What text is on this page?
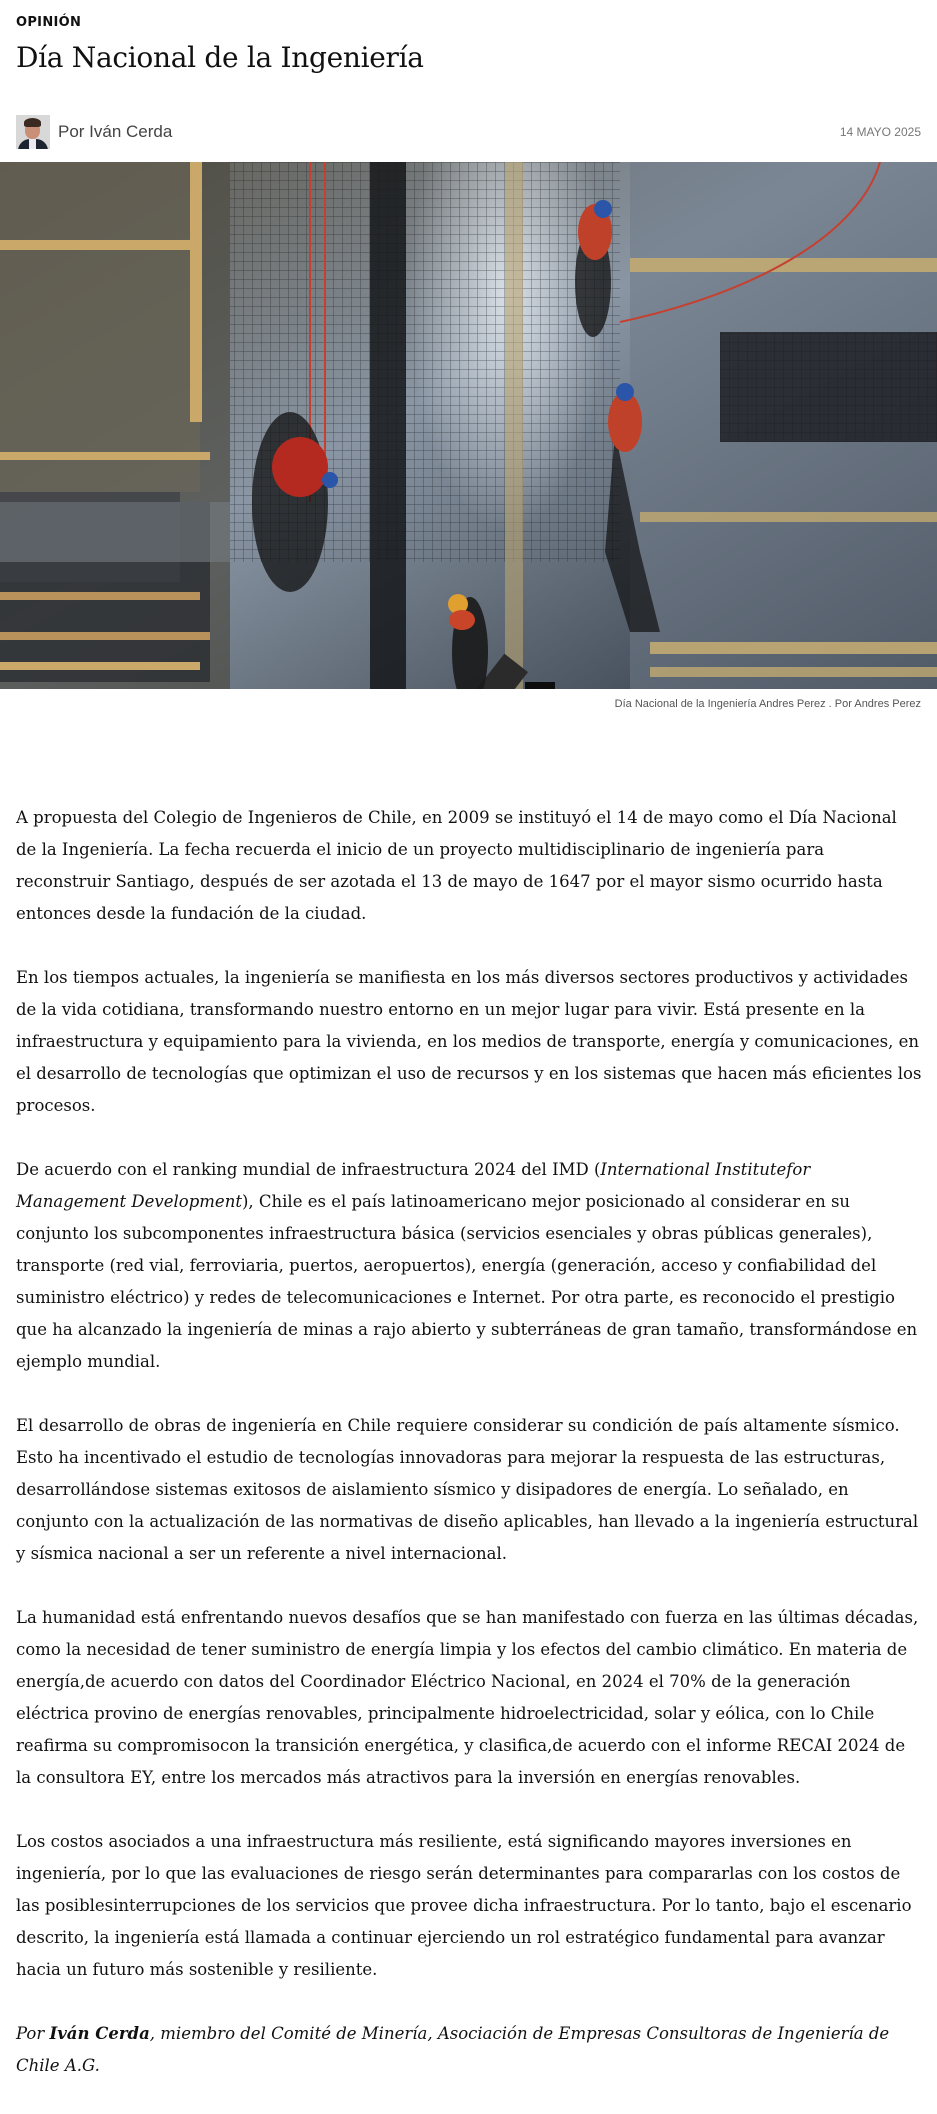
OPINIÓN
Día Nacional de la Ingeniería
Por Iván Cerda	14 MAYO 2025
Día Nacional de la Ingeniería Andres Perez . Por Andres Perez

A propuesta del Colegio de Ingenieros de Chile, en 2009 se instituyó el 14 de mayo como el Día Nacional de la Ingeniería. La fecha recuerda el inicio de un proyecto multidisciplinario de ingeniería para reconstruir Santiago, después de ser azotada el 13 de mayo de 1647 por el mayor sismo ocurrido hasta entonces desde la fundación de la ciudad.

En los tiempos actuales, la ingeniería se manifiesta en los más diversos sectores productivos y actividades de la vida cotidiana, transformando nuestro entorno en un mejor lugar para vivir. Está presente en la infraestructura y equipamiento para la vivienda, en los medios de transporte, energía y comunicaciones, en el desarrollo de tecnologías que optimizan el uso de recursos y en los sistemas que hacen más eficientes los procesos.

De acuerdo con el ranking mundial de infraestructura 2024 del IMD (International Institutefor Management Development), Chile es el país latinoamericano mejor posicionado al considerar en su conjunto los subcomponentes infraestructura básica (servicios esenciales y obras públicas generales), transporte (red vial, ferroviaria, puertos, aeropuertos), energía (generación, acceso y confiabilidad del suministro eléctrico) y redes de telecomunicaciones e Internet. Por otra parte, es reconocido el prestigio que ha alcanzado la ingeniería de minas a rajo abierto y subterráneas de gran tamaño, transformándose en ejemplo mundial.

El desarrollo de obras de ingeniería en Chile requiere considerar su condición de país altamente sísmico. Esto ha incentivado el estudio de tecnologías innovadoras para mejorar la respuesta de las estructuras, desarrollándose sistemas exitosos de aislamiento sísmico y disipadores de energía. Lo señalado, en conjunto con la actualización de las normativas de diseño aplicables, han llevado a la ingeniería estructural y sísmica nacional a ser un referente a nivel internacional.

La humanidad está enfrentando nuevos desafíos que se han manifestado con fuerza en las últimas décadas, como la necesidad de tener suministro de energía limpia y los efectos del cambio climático. En materia de energía,de acuerdo con datos del Coordinador Eléctrico Nacional, en 2024 el 70% de la generación eléctrica provino de energías renovables, principalmente hidroelectricidad, solar y eólica, con lo Chile reafirma su compromisocon la transición energética, y clasifica,de acuerdo con el informe RECAI 2024 de la consultora EY, entre los mercados más atractivos para la inversión en energías renovables.

Los costos asociados a una infraestructura más resiliente, está significando mayores inversiones en ingeniería, por lo que las evaluaciones de riesgo serán determinantes para compararlas con los costos de las posiblesinterrupciones de los servicios que provee dicha infraestructura. Por lo tanto, bajo el escenario descrito, la ingeniería está llamada a continuar ejerciendo un rol estratégico fundamental para avanzar hacia un futuro más sostenible y resiliente.

Por Iván Cerda, miembro del Comité de Minería, Asociación de Empresas Consultoras de Ingeniería de Chile A.G.
